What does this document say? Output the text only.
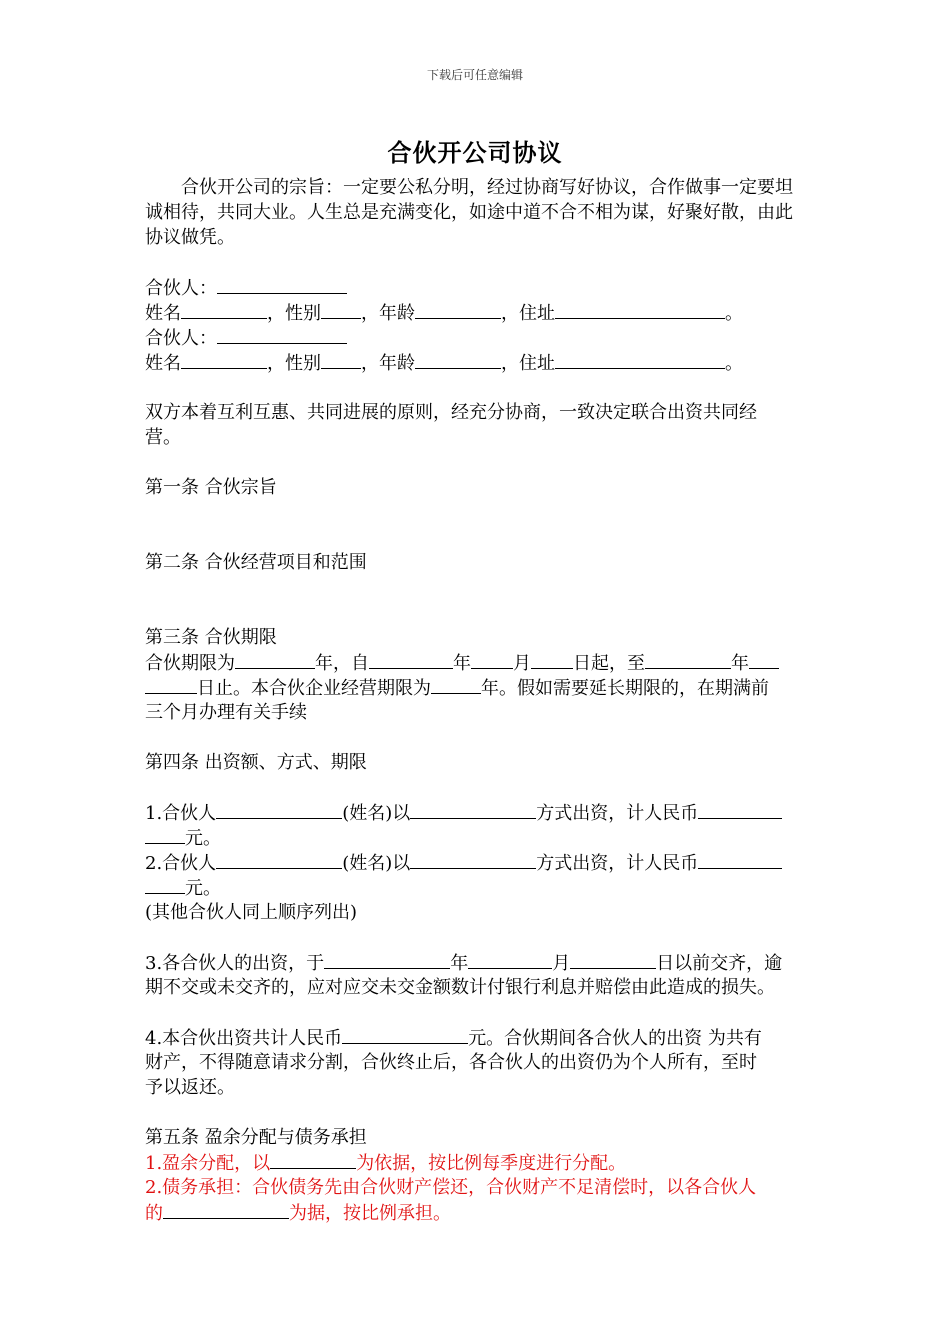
下载后可任意编辑
合伙开公司协议
合伙开公司的宗旨：一定要公私分明，经过协商写好协议，合作做事一定要坦
诚相待，共同大业。人生总是充满变化，如途中道不合不相为谋，好聚好散，由此
协议做凭。
合伙人：
姓名	，性别 ，年龄	，住址	。
合伙人：
姓名	，性别 ，年龄	，住址	。
双方本着互利互惠、共同进展的原则，经充分协商，一致决定联合出资共同经
营。
第一条 合伙宗旨
第二条 合伙经营项目和范围
第三条 合伙期限
合伙期限为	年，自	年 月 日起，至	年
日止。本合伙企业经营期限为	年。假如需要延长期限的，在期满前
三个月办理有关手续
第四条 出资额、方式、期限
1.合伙人	(姓名)以	方式出资，计人民币
元。
2.合伙人	(姓名)以	方式出资，计人民币
元。
(其他合伙人同上顺序列出)
3.各合伙人的出资，于	年	月	日以前交齐，逾
期不交或未交齐的，应对应交未交金额数计付银行利息并赔偿由此造成的损失。
4.本合伙出资共计人民币	元。合伙期间各合伙人的出资 为共有
财产，不得随意请求分割，合伙终止后，各合伙人的出资仍为个人所有，至时
予以返还。
第五条 盈余分配与债务承担
1.盈余分配，以	为依据，按比例每季度进行分配。
2.债务承担：合伙债务先由合伙财产偿还，合伙财产不足清偿时，以各合伙人
的	为据，按比例承担。
